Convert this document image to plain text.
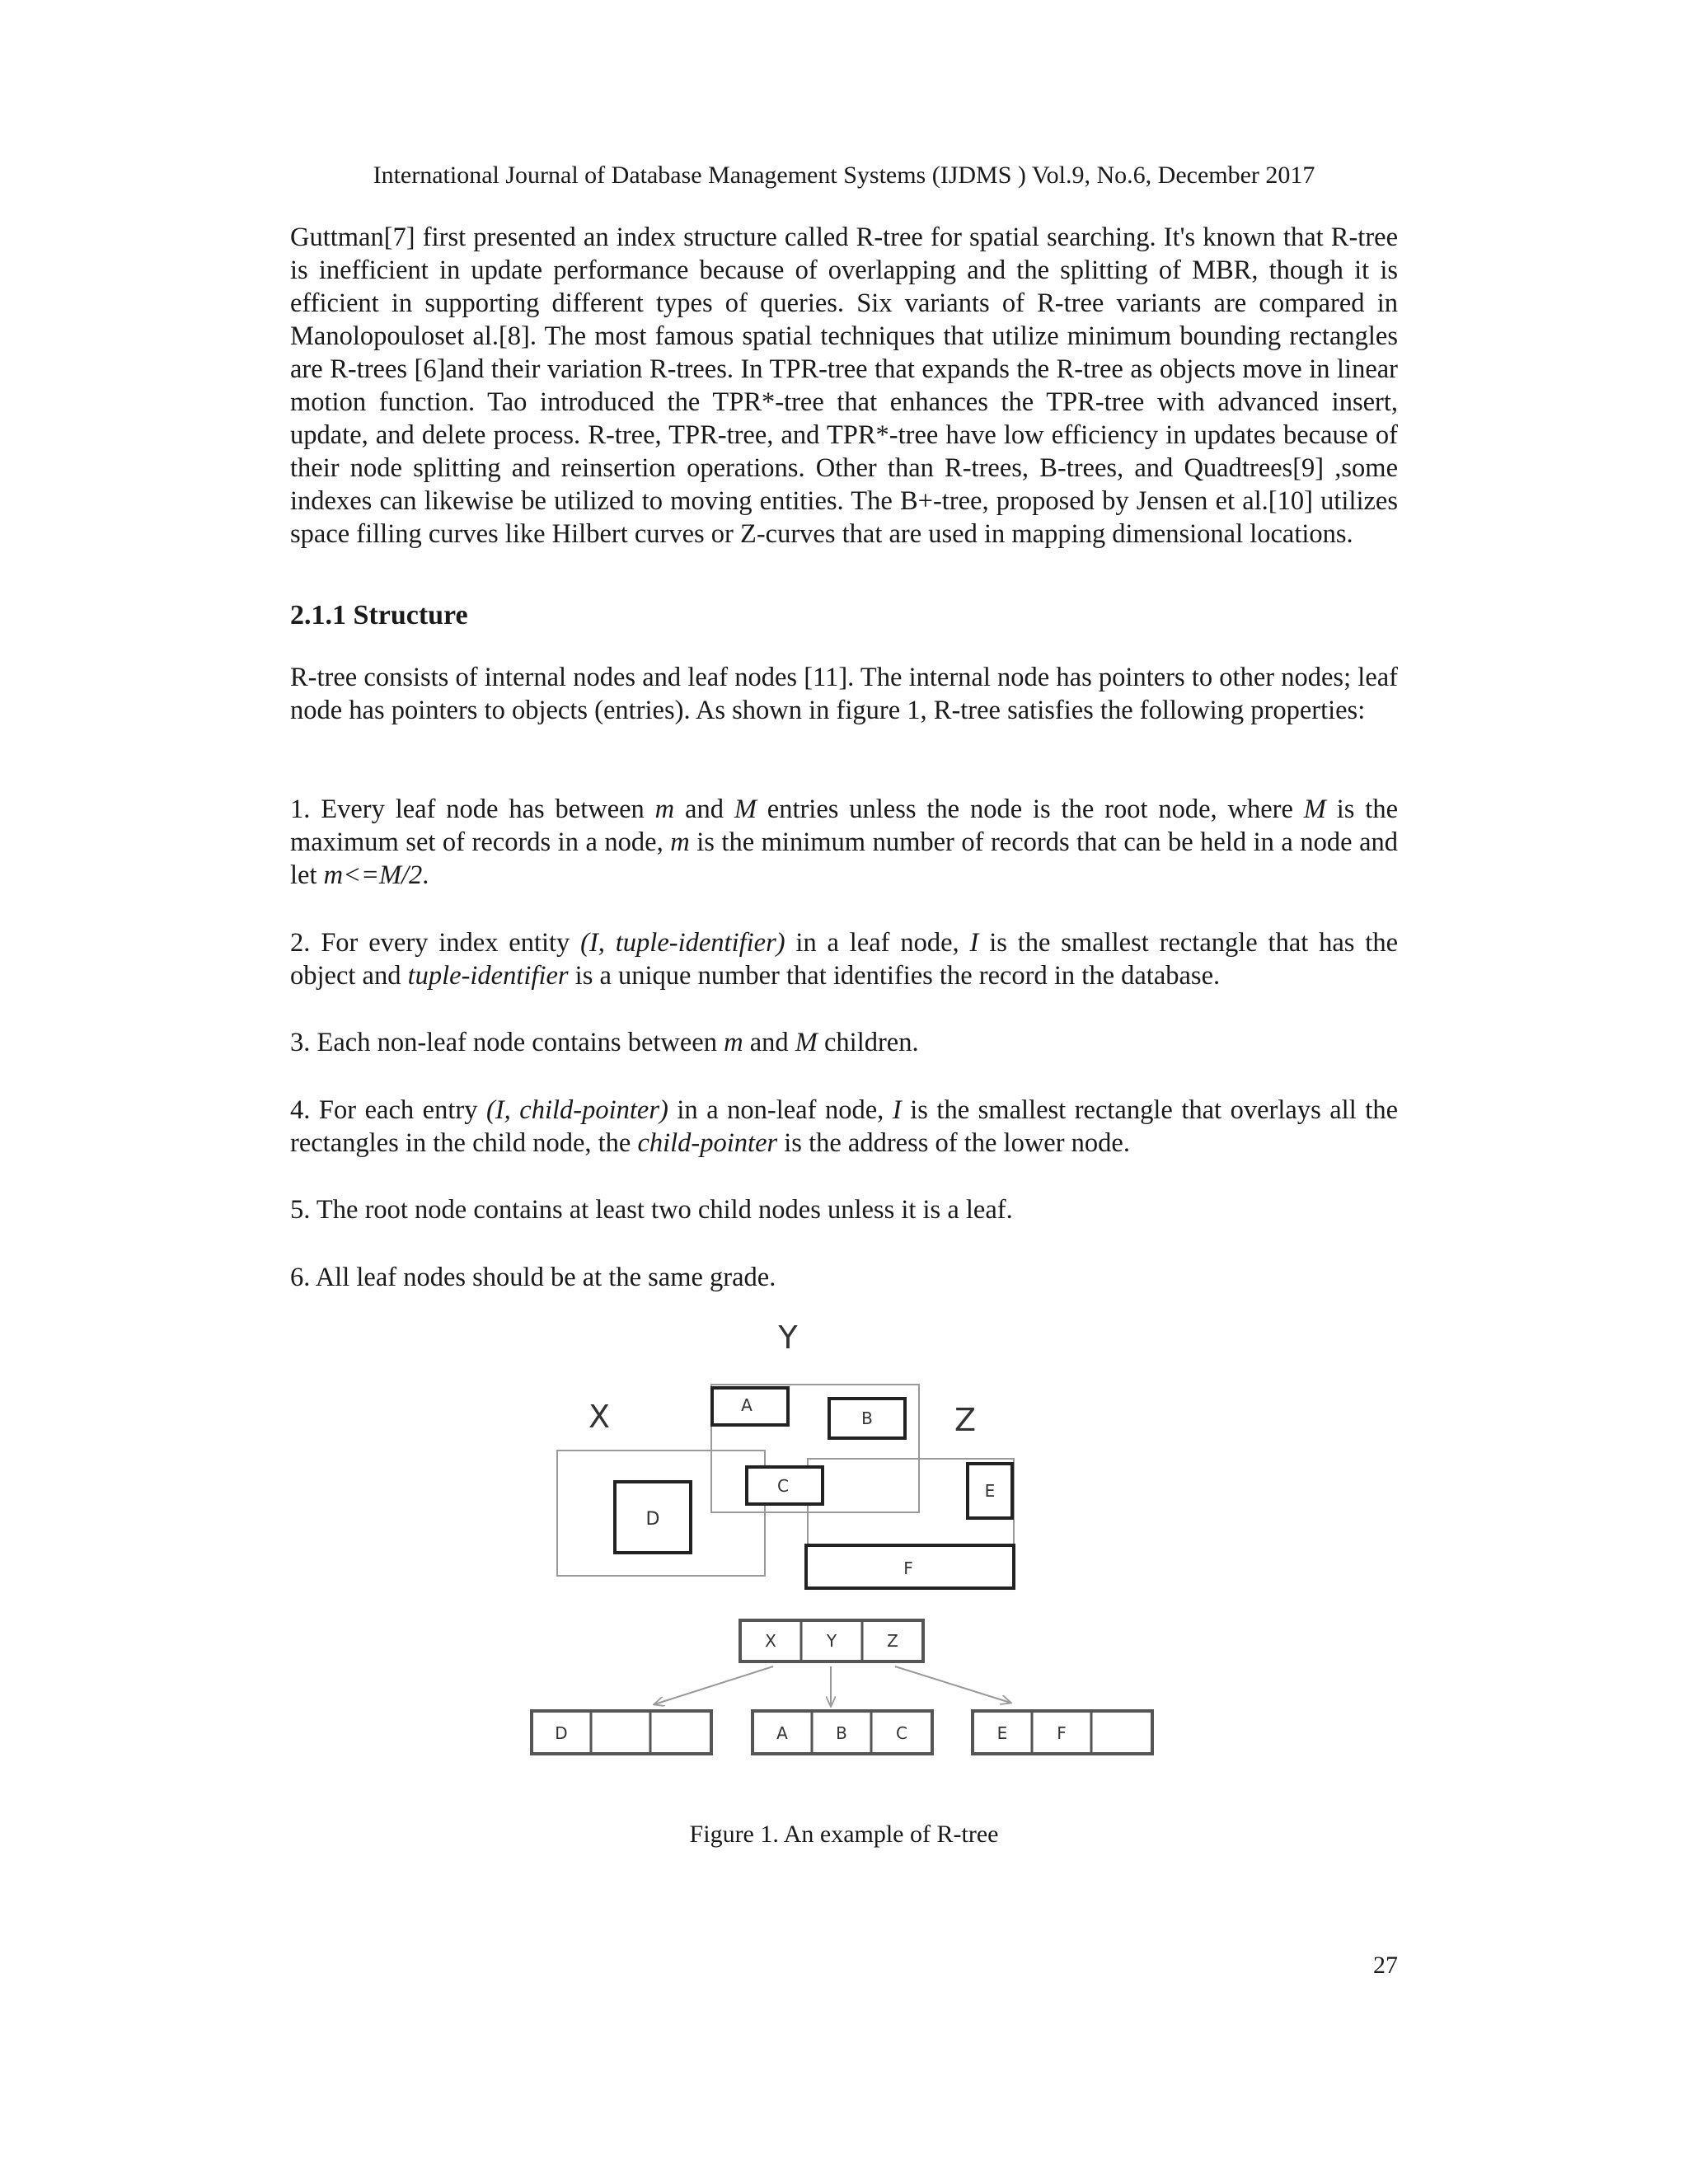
International Journal of Database Management Systems (IJDMS ) Vol.9, No.6, December 2017

Guttman[7] first presented an index structure called R-tree for spatial searching. It's known that R-tree is inefficient in update performance because of overlapping and the splitting of MBR, though it is efficient in supporting different types of queries. Six variants of R-tree variants are compared in Manolopouloset al.[8]. The most famous spatial techniques that utilize minimum bounding rectangles are R-trees [6]and their variation R-trees. In TPR-tree that expands the R-tree as objects move in linear motion function. Tao introduced the TPR*-tree that enhances the TPR-tree with advanced insert, update, and delete process. R-tree, TPR-tree, and TPR*-tree have low efficiency in updates because of their node splitting and reinsertion operations. Other than R-trees, B-trees, and Quadtrees[9] ,some indexes can likewise be utilized to moving entities. The B+-tree, proposed by Jensen et al.[10] utilizes space filling curves like Hilbert curves or Z-curves that are used in mapping dimensional locations.

2.1.1 Structure

R-tree consists of internal nodes and leaf nodes [11]. The internal node has pointers to other nodes; leaf node has pointers to objects (entries). As shown in figure 1, R-tree satisfies the following properties:

1. Every leaf node has between m and M entries unless the node is the root node, where M is the maximum set of records in a node, m is the minimum number of records that can be held in a node and let m<=M/2.

2. For every index entity (I, tuple-identifier) in a leaf node, I is the smallest rectangle that has the object and tuple-identifier is a unique number that identifies the record in the database.

3. Each non-leaf node contains between m and M children.

4. For each entry (I, child-pointer) in a non-leaf node, I is the smallest rectangle that overlays all the rectangles in the child node, the child-pointer is the address of the lower node.

5. The root node contains at least two child nodes unless it is a leaf.

6. All leaf nodes should be at the same grade.

X
Y
Z
A
B
C
D
E
F
X	Y	Z
D	A	B	C	E	F
Figure 1. An example of R-tree
27
